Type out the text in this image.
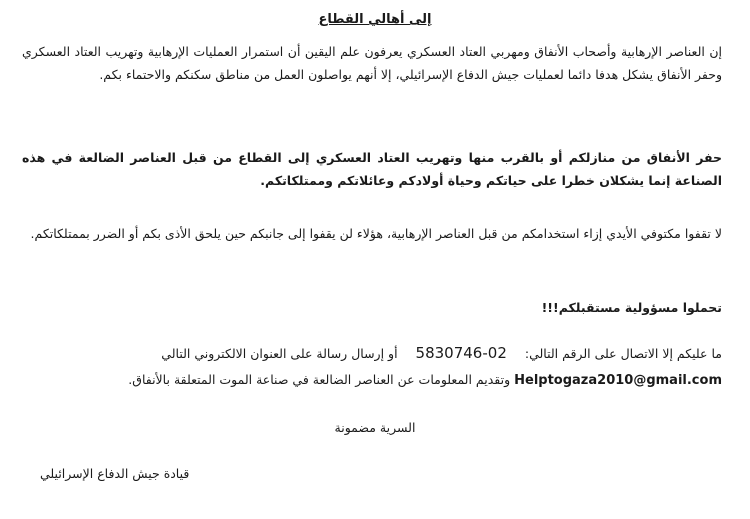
إلى أهالي القطاع
إن العناصر الإرهابية وأصحاب الأنفاق ومهربي العتاد العسكري يعرفون علم اليقين أن استمرار العمليات الإرهابية وتهريب العتاد العسكري وحفر الأنفاق يشكل هدفا دائما لعمليات جيش الدفاع الإسرائيلي، إلا أنهم يواصلون العمل من مناطق سكنكم والاحتماء بكم.
حفر الأنفاق من منازلكم أو بالقرب منها وتهريب العتاد العسكري إلى القطاع من قبل العناصر الضالعة في هذه الصناعة إنما يشكلان خطرا على حياتكم وحياة أولادكم وعائلاتكم وممتلكاتكم.
لا تقفوا مكتوفي الأيدي إزاء استخدامكم من قبل العناصر الإرهابية، هؤلاء لن يقفوا إلى جانبكم حين يلحق الأذى بكم أو الضرر بممتلكاتكم.
تحملوا مسؤولية مستقبلكم!!!
ما عليكم إلا الاتصال على الرقم التالي: 02-5830746 أو إرسال رسالة على العنوان الالكتروني التالي
Helptogaza2010@gmail.com وتقديم المعلومات عن العناصر الضالعة في صناعة الموت المتعلقة بالأنفاق.
السرية مضمونة
قيادة جيش الدفاع الإسرائيلي
